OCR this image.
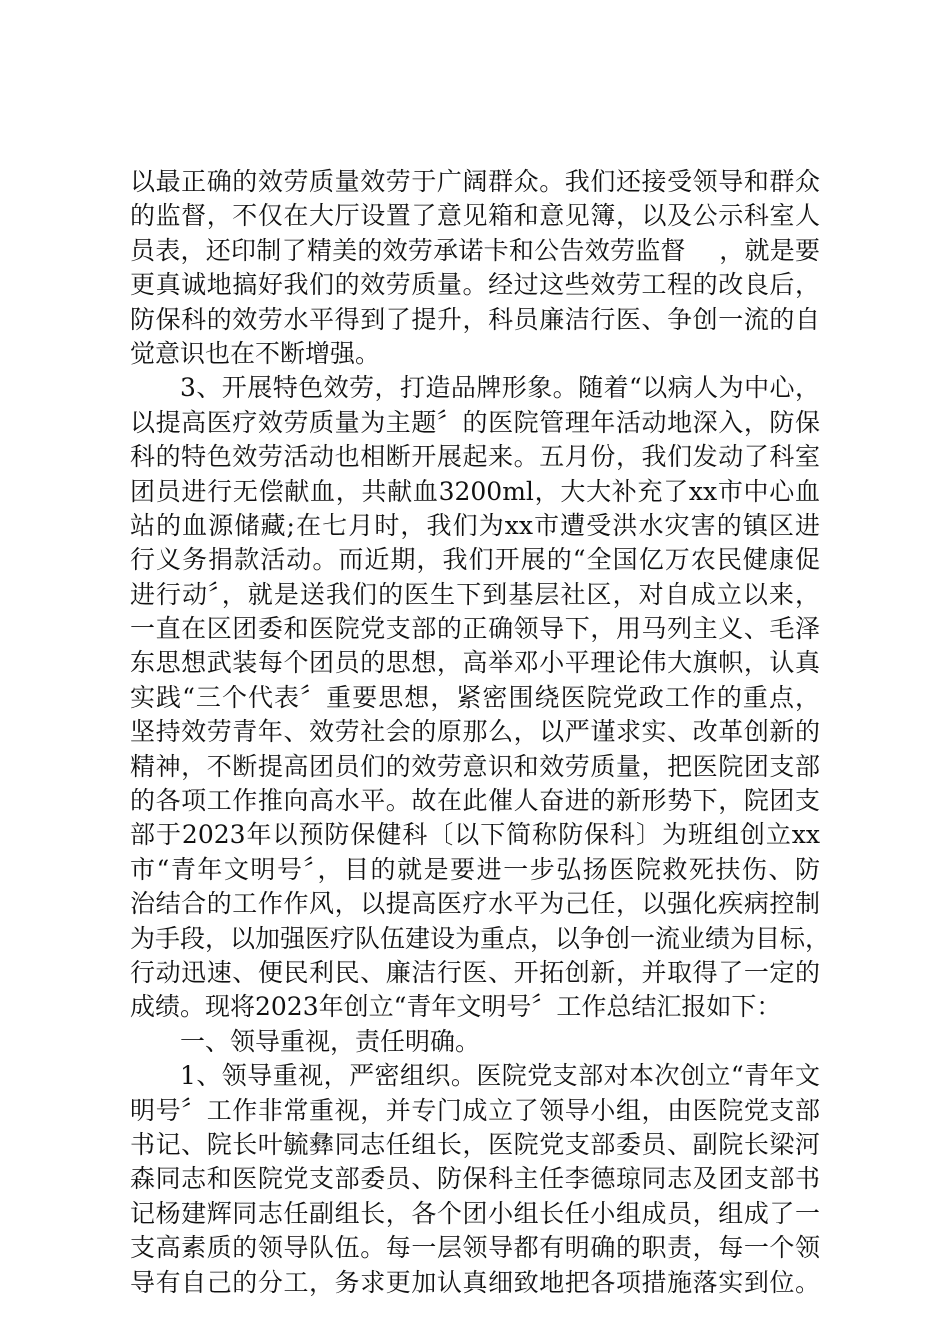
以最正确的效劳质量效劳于广阔群众。我们还接受领导和群众
的监督，不仅在大厅设置了意见箱和意见簿，以及公示科室人
员表，还印制了精美的效劳承诺卡和公告效劳监督　 ，就是要
更真诚地搞好我们的效劳质量。经过这些效劳工程的改良后，
防保科的效劳水平得到了提升，科员廉洁行医、争创一流的自
觉意识也在不断增强。
3、开展特色效劳，打造品牌形象。随着“以病人为中心，
以提高医疗效劳质量为主题〞的医院管理年活动地深入，防保
科的特色效劳活动也相断开展起来。五月份，我们发动了科室
团员进行无偿献血，共献血3200ml，大大补充了xx市中心血
站的血源储藏;在七月时，我们为xx市遭受洪水灾害的镇区进
行义务捐款活动。而近期，我们开展的“全国亿万农民健康促
进行动〞，就是送我们的医生下到基层社区，对自成立以来，
一直在区团委和医院党支部的正确领导下，用马列主义、毛泽
东思想武装每个团员的思想，高举邓小平理论伟大旗帜，认真
实践“三个代表〞重要思想，紧密围绕医院党政工作的重点，
坚持效劳青年、效劳社会的原那么，以严谨求实、改革创新的
精神，不断提高团员们的效劳意识和效劳质量，把医院团支部
的各项工作推向高水平。故在此催人奋进的新形势下，院团支
部于2023年以预防保健科〔以下简称防保科〕为班组创立xx
市“青年文明号〞，目的就是要进一步弘扬医院救死扶伤、防
治结合的工作作风，以提高医疗水平为己任，以强化疾病控制
为手段，以加强医疗队伍建设为重点，以争创一流业绩为目标，
行动迅速、便民利民、廉洁行医、开拓创新，并取得了一定的
成绩。现将2023年创立“青年文明号〞工作总结汇报如下：
一、领导重视，责任明确。
1、领导重视，严密组织。医院党支部对本次创立“青年文
明号〞工作非常重视，并专门成立了领导小组，由医院党支部
书记、院长叶毓彝同志任组长，医院党支部委员、副院长梁河
森同志和医院党支部委员、防保科主任李德琼同志及团支部书
记杨建辉同志任副组长，各个团小组长任小组成员，组成了一
支高素质的领导队伍。每一层领导都有明确的职责，每一个领
导有自己的分工，务求更加认真细致地把各项措施落实到位。
